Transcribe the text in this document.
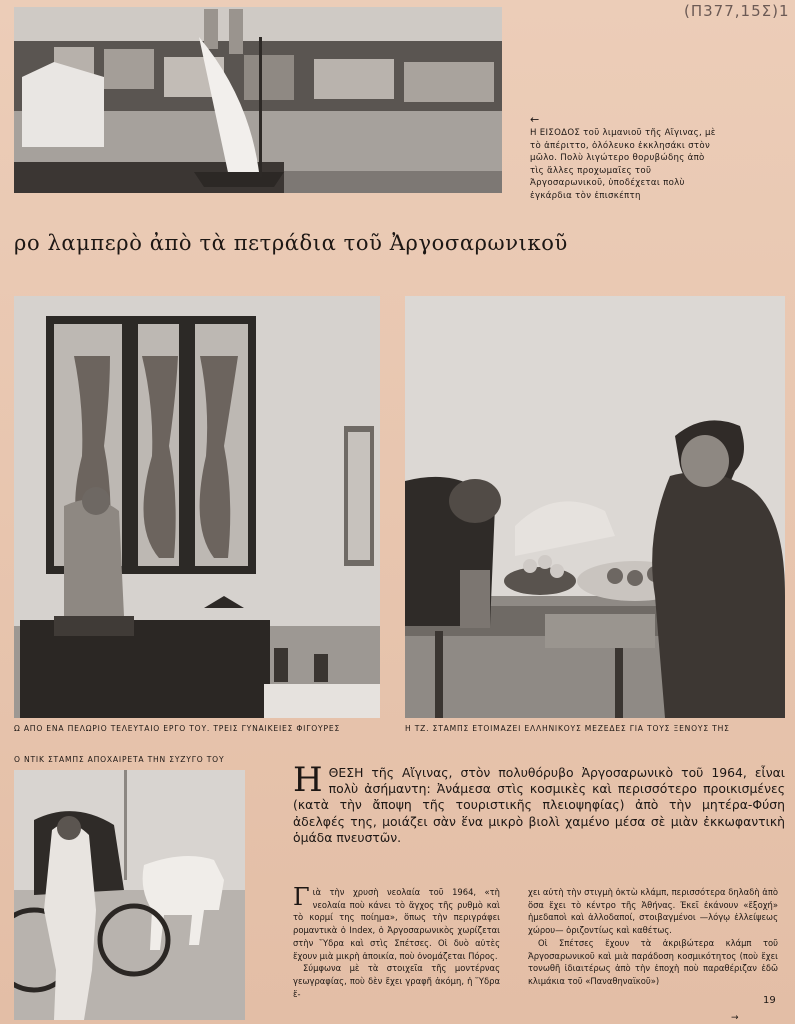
(Π377,15Σ)1
←
Η ΕΙΣΟΔΟΣ τοῦ λιμανιοῦ τῆς Αἴγινας, μὲ τὸ ἀπέριττο, ὁλόλευκο ἐκκλησάκι στὸν μῶλο. Πολὺ λιγώτερο θορυβώδης ἀπὸ τὶς ἄλλες προχωμαῖες τοῦ Ἀργοσαρωνικοῦ, ὑποδέχεται πολὺ ἐγκάρδια τὸν ἐπισκέπτη
ρο λαμπερὸ ἀπὸ τὰ πετράδια τοῦ Ἀργοσαρωνικοῦ
Ω ΑΠΟ ΕΝΑ ΠΕΛΩΡΙΟ ΤΕΛΕΥΤΑΙΟ ΕΡΓΟ ΤΟΥ. ΤΡΕΙΣ ΓΥΝΑΙΚΕΙΕΣ ΦΙΓΟΥΡΕΣ	Η ΤΖ. ΣΤΑΜΠΣ ΕΤΟΙΜΑΖΕΙ ΕΛΛΗΝΙΚΟΥΣ ΜΕΖΕΔΕΣ ΓΙΑ ΤΟΥΣ ΞΕΝΟΥΣ ΤΗΣ
Ο ΝΤΙΚ ΣΤΑΜΠΣ ΑΠΟΧΑΙΡΕΤΑ ΤΗΝ ΣΥΖΥΓΟ ΤΟΥ
ΗΘΕΣΗ τῆς Αἴγινας, στὸν πολυθόρυβο Ἀργοσαρωνικὸ τοῦ 1964, εἶναι πολὺ ἀσήμαντη: Ἀνάμεσα στὶς κοσμικὲς καὶ περισσότερο προικισμένες (κατὰ τὴν ἄποψη τῆς τουριστικῆς πλειοψηφίας) ἀπὸ τὴν μητέρα-Φύση ἀδελφές της, μοιάζει σὰν ἕνα μικρὸ βιολὶ χαμένο μέσα σὲ μιὰν ἐκκωφαντικὴ ὁμάδα πνευστῶν.

Γιὰ τὴν χρυσὴ νεολαία τοῦ 1964, «τὴ νεολαία ποὺ κάνει τὸ ἄγχος τῆς ρυθμὸ καὶ τὸ κορμί της ποίημα», ὅπως τὴν περιγράφει ρομαντικὰ ὁ Index, ὁ Ἀργοσαρωνικὸς χωρίζεται στὴν Ὕδρα καὶ στὶς Σπέτσες. Οἱ δυὸ αὐτὲς ἔχουν μιὰ μικρὴ ἀποικία, ποὺ ὀνομάζεται Πόρος.

Σύμφωνα μὲ τὰ στοιχεῖα τῆς μοντέρνας γεωγραφίας, ποὺ δὲν ἔχει γραφῆ ἀκόμη, ἡ Ὕδρα ἔ-

χει αὐτὴ τὴν στιγμὴ ὀκτὼ κλάμπ, περισσότερα δηλαδὴ ἀπὸ ὅσα ἔχει τὸ κέντρο τῆς Ἀθήνας. Ἐκεῖ ἐκάνουν «ἔξοχή» ἡμεδαποὶ καὶ ἀλλοδαποί, στοιβαγμένοι —λόγῳ ἐλλείψεως χώρου— ὁριζοντίως καὶ καθέτως.

Οἱ Σπέτσες ἔχουν τὰ ἀκριβώτερα κλάμπ τοῦ Ἀργοσαρωνικοῦ καὶ μιὰ παράδοση κοσμικότητος (ποὺ ἔχει τονωθῆ ἰδιαιτέρως ἀπὸ τὴν ἐποχὴ ποὺ παραθέριζαν ἐδῶ κλιμάκια τοῦ «Παναθηναϊκοῦ»)

19
→
